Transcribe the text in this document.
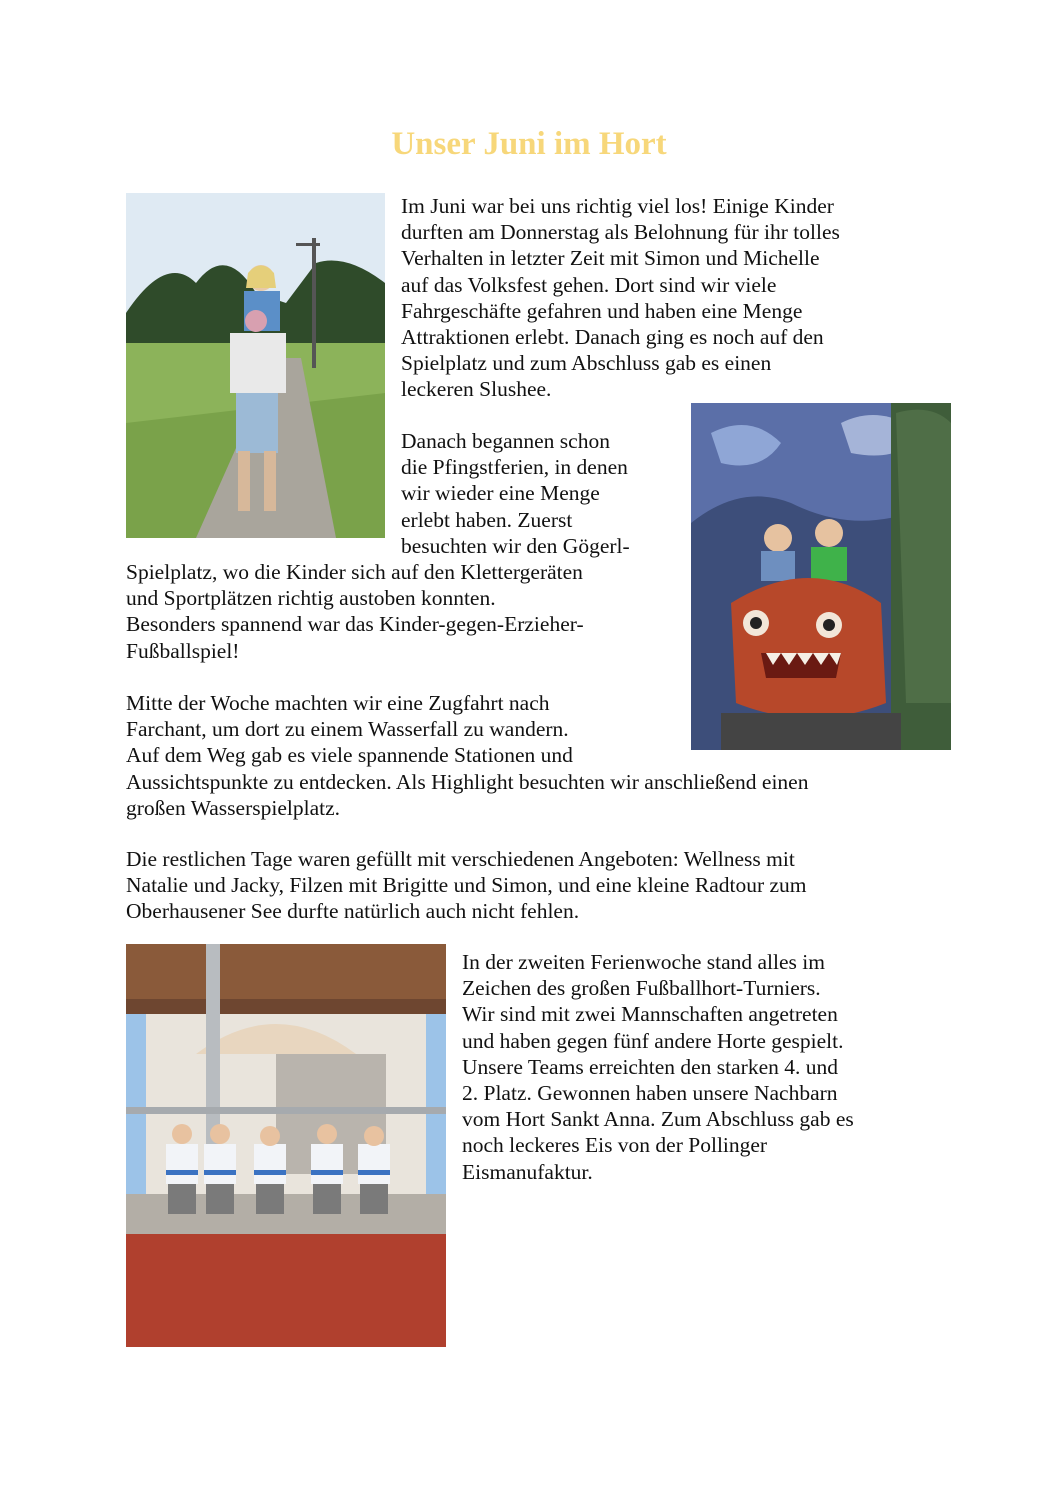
Unser Juni im Hort
Im Juni war bei uns richtig viel los! Einige Kinder
durften am Donnerstag als Belohnung für ihr tolles
Verhalten in letzter Zeit mit Simon und Michelle
auf das Volksfest gehen. Dort sind wir viele
Fahrgeschäfte gefahren und haben eine Menge
Attraktionen erlebt. Danach ging es noch auf den
Spielplatz und zum Abschluss gab es einen
leckeren Slushee.
Danach begannen schon
die Pfingstferien, in denen
wir wieder eine Menge
erlebt haben. Zuerst
besuchten wir den Gögerl-
Spielplatz, wo die Kinder sich auf den Klettergeräten
und Sportplätzen richtig austoben konnten.
Besonders spannend war das Kinder-gegen-Erzieher-
Fußballspiel!
Mitte der Woche machten wir eine Zugfahrt nach
Farchant, um dort zu einem Wasserfall zu wandern.
Auf dem Weg gab es viele spannende Stationen und
Aussichtspunkte zu entdecken. Als Highlight besuchten wir anschließend einen
großen Wasserspielplatz.
Die restlichen Tage waren gefüllt mit verschiedenen Angeboten: Wellness mit
Natalie und Jacky, Filzen mit Brigitte und Simon, und eine kleine Radtour zum
Oberhausener See durfte natürlich auch nicht fehlen.
In der zweiten Ferienwoche stand alles im
Zeichen des großen Fußballhort-Turniers.
Wir sind mit zwei Mannschaften angetreten
und haben gegen fünf andere Horte gespielt.
Unsere Teams erreichten den starken 4. und
2. Platz. Gewonnen haben unsere Nachbarn
vom Hort Sankt Anna. Zum Abschluss gab es
noch leckeres Eis von der Pollinger
Eismanufaktur.
